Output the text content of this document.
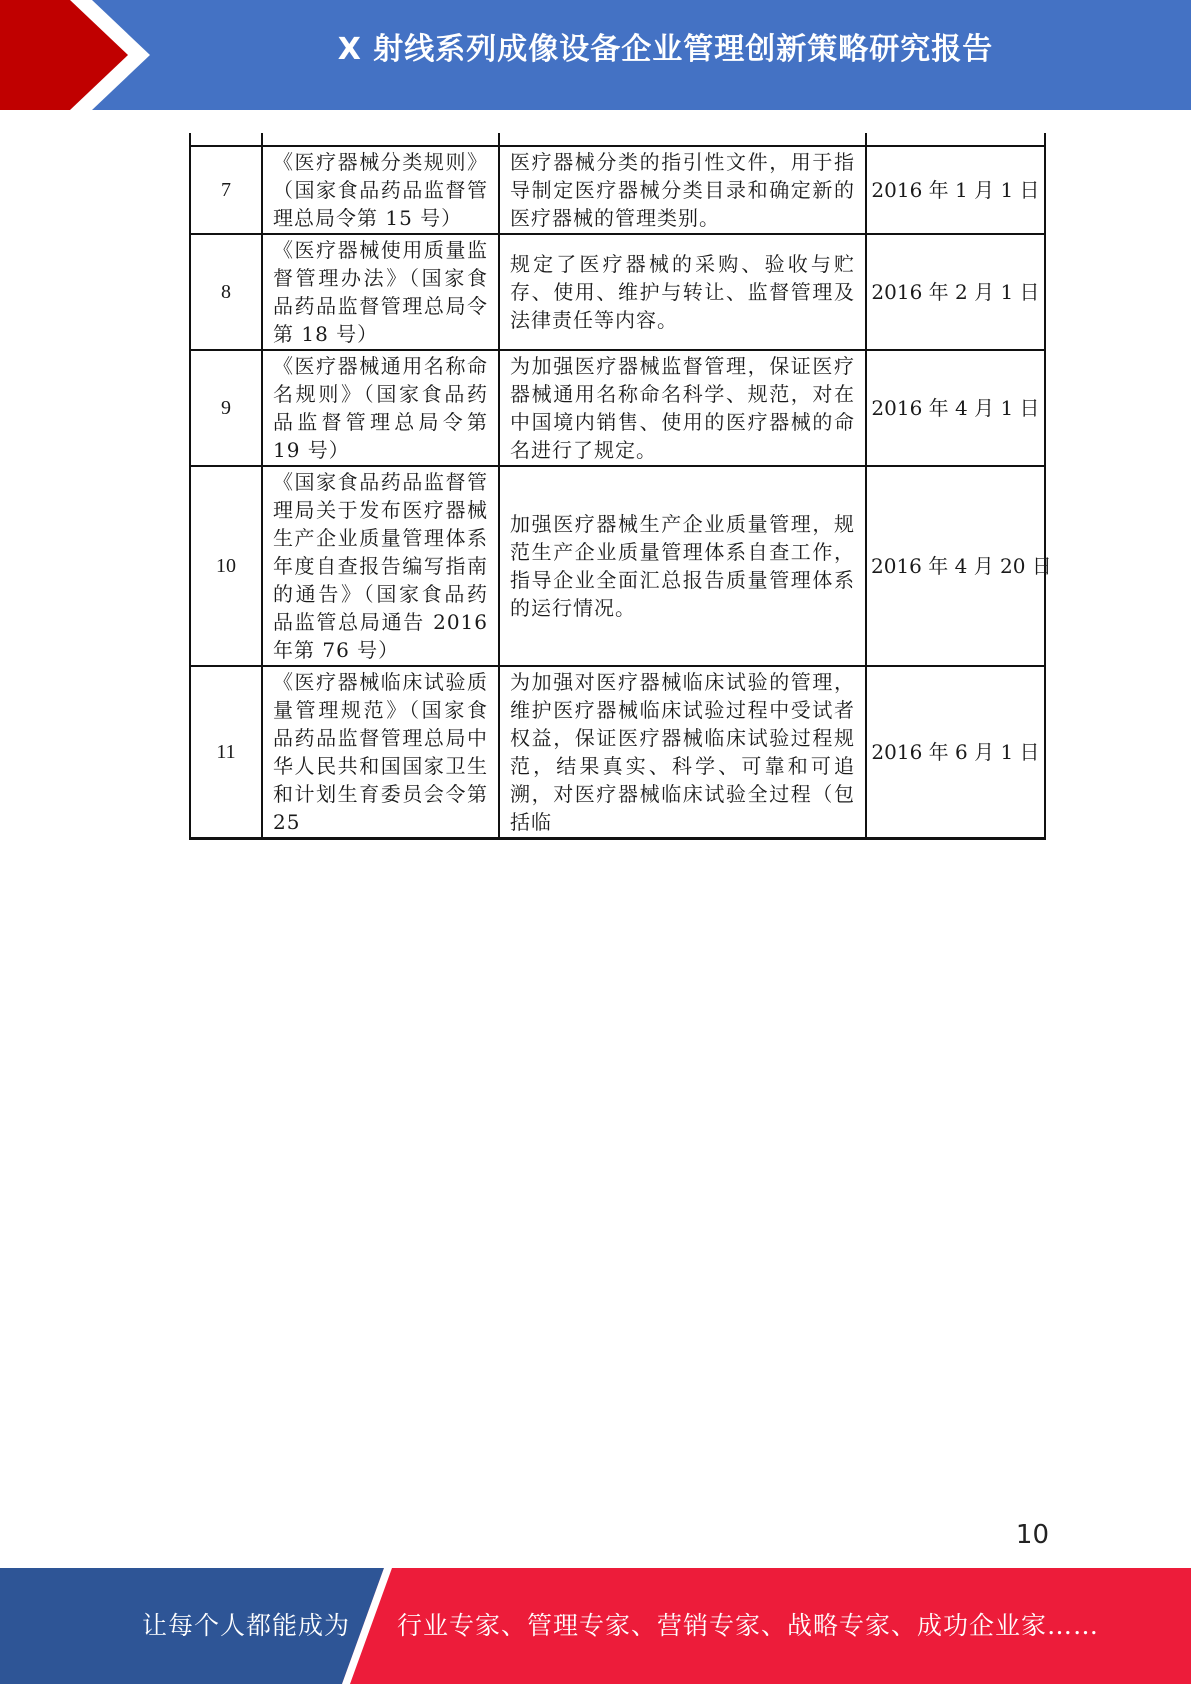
X 射线系列成像设备企业管理创新策略研究报告

7	《医疗器械分类规则》（国家食品药品监督管理总局令第 15 号）	医疗器械分类的指引性文件，用于指导制定医疗器械分类目录和确定新的医疗器械的管理类别。	2016 年 1 月 1 日
8	《医疗器械使用质量监督管理办法》（国家食品药品监督管理总局令第 18 号）	规定了医疗器械的采购、验收与贮存、使用、维护与转让、监督管理及法律责任等内容。	2016 年 2 月 1 日
9	《医疗器械通用名称命名规则》（国家食品药品监督管理总局令第 19 号）	为加强医疗器械监督管理，保证医疗器械通用名称命名科学、规范，对在中国境内销售、使用的医疗器械的命名进行了规定。	2016 年 4 月 1 日
10	《国家食品药品监督管理局关于发布医疗器械生产企业质量管理体系年度自查报告编写指南的通告》（国家食品药品监管总局通告 2016 年第 76 号）	加强医疗器械生产企业质量管理，规范生产企业质量管理体系自查工作，指导企业全面汇总报告质量管理体系的运行情况。	2016 年 4 月 20 日
11	《医疗器械临床试验质量管理规范》（国家食品药品监督管理总局中华人民共和国国家卫生和计划生育委员会令第 25	为加强对医疗器械临床试验的管理，维护医疗器械临床试验过程中受试者权益，保证医疗器械临床试验过程规范，结果真实、科学、可靠和可追溯，对医疗器械临床试验全过程（包括临	2016 年 6 月 1 日
10
让每个人都能成为 行业专家、管理专家、营销专家、战略专家、成功企业家……
